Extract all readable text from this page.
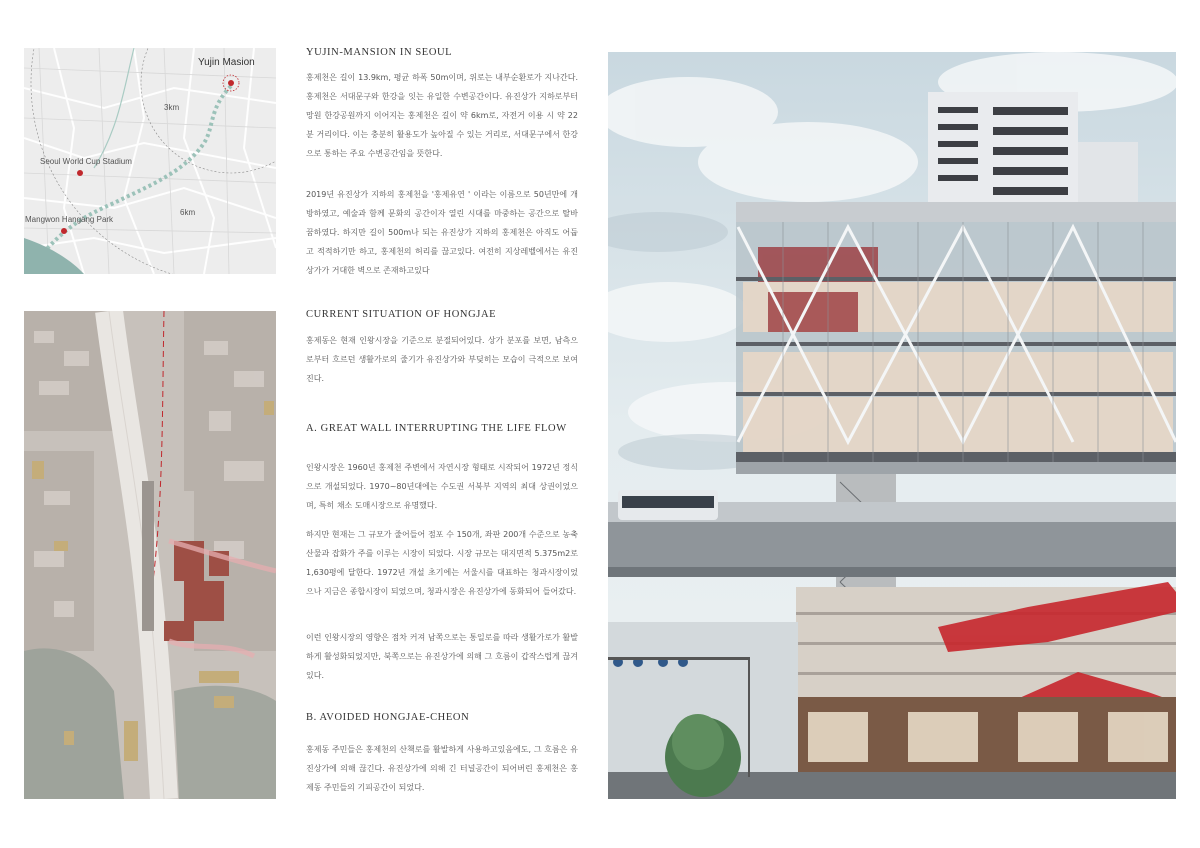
Yujin Masion
Seoul World Cup Stadium
Mangwon Hangang Park
3km
6km
YUJIN-MANSION IN SEOUL

홍제천은 길이 13.9km, 평균 하폭 50m이며, 위로는 내부순환로가 지나간다. 홍제천은 서대문구와 한강을 잇는 유일한 수변공간이다. 유진상가 지하로부터 망원 한강공원까지 이어지는 홍제천은 길이 약 6km로, 자전거 이용 시 약 22분 거리이다. 이는 충분히 활용도가 높아질 수 있는 거리로, 서대문구에서 한강으로 통하는 주요 수변공간임을 뜻한다.

2019년 유진상가 지하의 홍제천을 '홍제유연 ' 이라는 이름으로 50년만에 개방하였고, 예술과 함께 문화의 공간이자 열린 시대를 마중하는 공간으로 탈바꿈하였다. 하지만 길이 500m나 되는 유진상가 지하의 홍제천은 아직도 어둡고 적적하기만 하고, 홍제천의 허리를 끊고있다. 여전히 지상레벨에서는 유진상가가 거대한 벽으로 존재하고있다

CURRENT SITUATION OF HONGJAE

홍제동은 현재 인왕시장을 기준으로 분절되어있다. 상가 분포를 보면, 남측으로부터 흐르던 생활가로의 줄기가 유진상가와 부딪히는 모습이 극적으로 보여진다.

A. GREAT WALL INTERRUPTING THE LIFE FLOW

인왕시장은 1960년 홍제천 주변에서 자연시장 형태로 시작되어 1972년 정식으로 개설되었다. 1970~80년대에는 수도권 서북부 지역의 최대 상권이었으며, 특히 채소 도매시장으로 유명했다.

하지만 현재는 그 규모가 줄어들어 점포 수 150개, 좌판 200개 수준으로 농축산물과 잡화가 주를 이루는 시장이 되었다. 시장 규모는 대지면적 5.375m2로 1,630평에 달한다. 1972년 개설 초기에는 서울시를 대표하는 청과시장이었으나 지금은 종합시장이 되었으며, 청과시장은 유진상가에 동화되어 들어갔다.

이런 인왕시장의 영향은 점차 커져 남쪽으로는 통일로를 따라 생활가로가 활발하게 활성화되었지만, 북쪽으로는 유진상가에 의해 그 흐름이 갑작스럽게 끊겨있다.

B. AVOIDED HONGJAE-CHEON

홍제동 주민들은 홍제천의 산책로를 활발하게 사용하고있음에도, 그 흐름은 유진상가에 의해 끊긴다. 유진상가에 의해 긴 터널공간이 되어버린 홍제천은 홍제동 주민들의 기피공간이 되었다.
